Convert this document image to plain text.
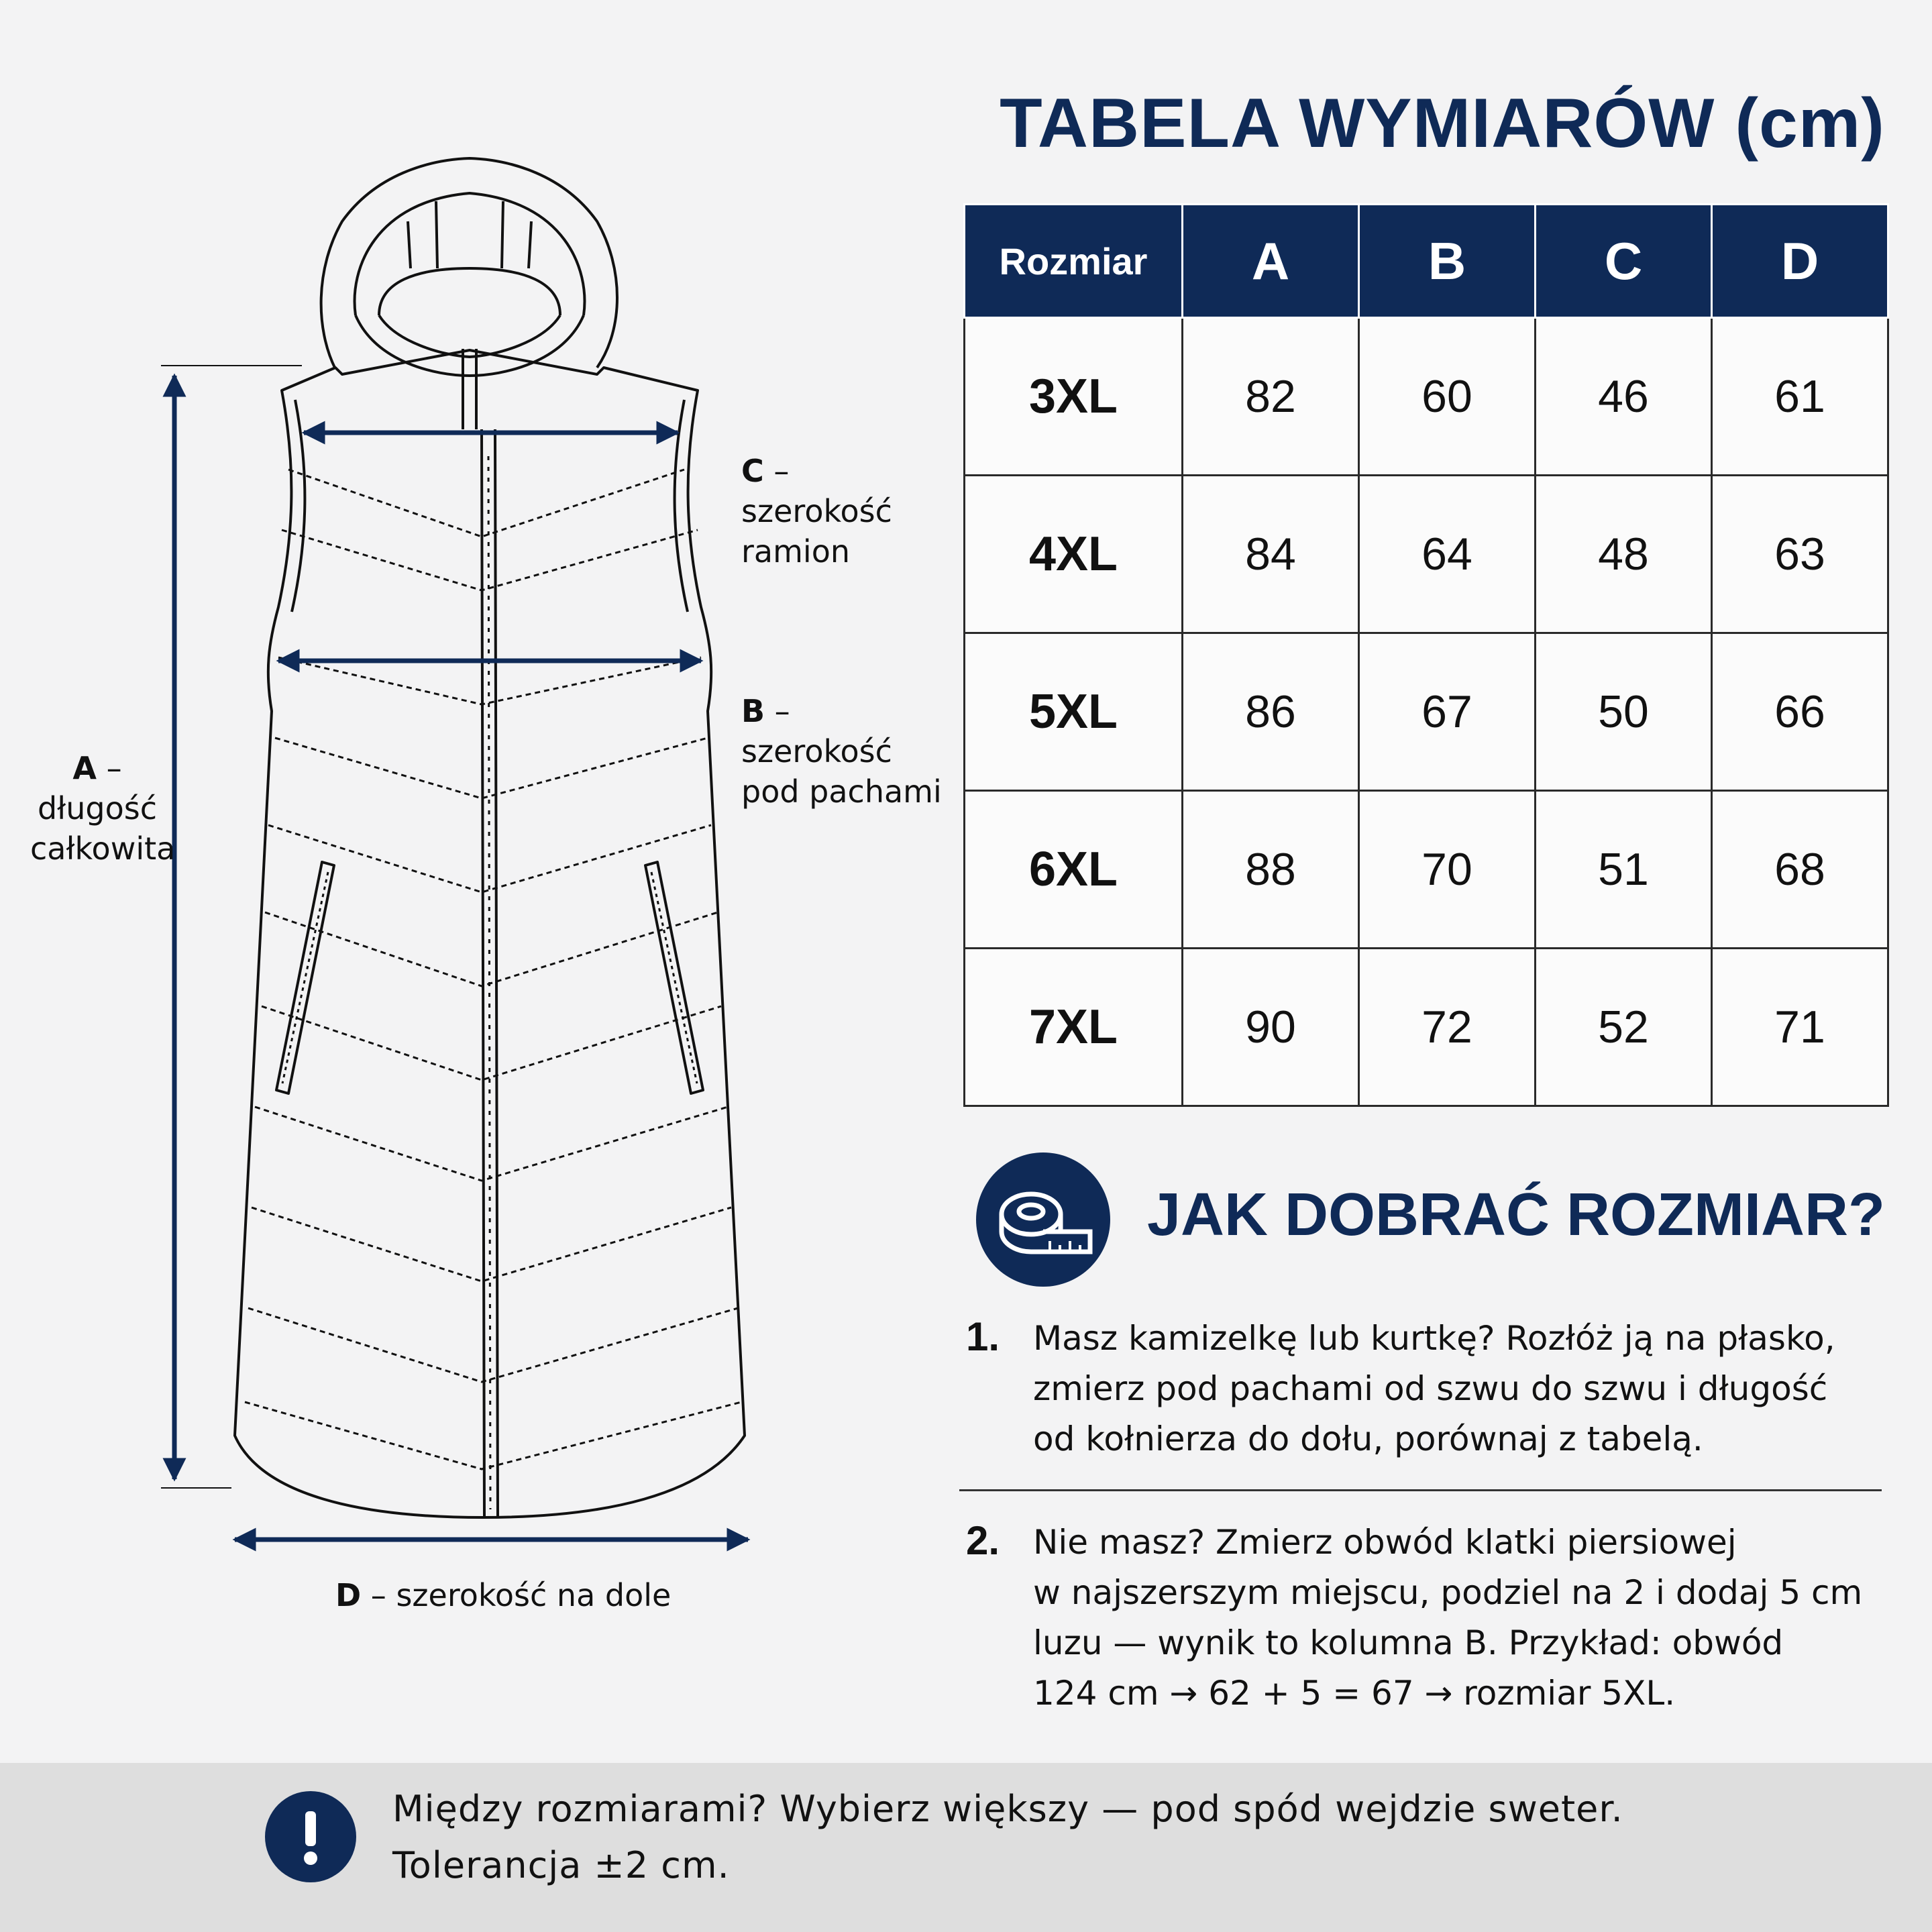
A –
długość
całkowita
C –
szerokość
ramion
B –
szerokość
pod pachami
D – szerokość na dole
TABELA WYMIARÓW (cm)
Rozmiar	A	B	C	D
3XL	82	60	46	61
4XL	84	64	48	63
5XL	86	67	50	66
6XL	88	70	51	68
7XL	90	72	52	71
JAK DOBRAĆ ROZMIAR?
1. Masz kamizelkę lub kurtkę? Rozłóż ją na płasko,
zmierz pod pachami od szwu do szwu i długość
od kołnierza do dołu, porównaj z tabelą.

2. Nie masz? Zmierz obwód klatki piersiowej
w najszerszym miejscu, podziel na 2 i dodaj 5 cm
luzu — wynik to kolumna B. Przykład: obwód
124 cm → 62 + 5 = 67 → rozmiar 5XL.

Między rozmiarami? Wybierz większy — pod spód wejdzie sweter.
Tolerancja ±2 cm.
